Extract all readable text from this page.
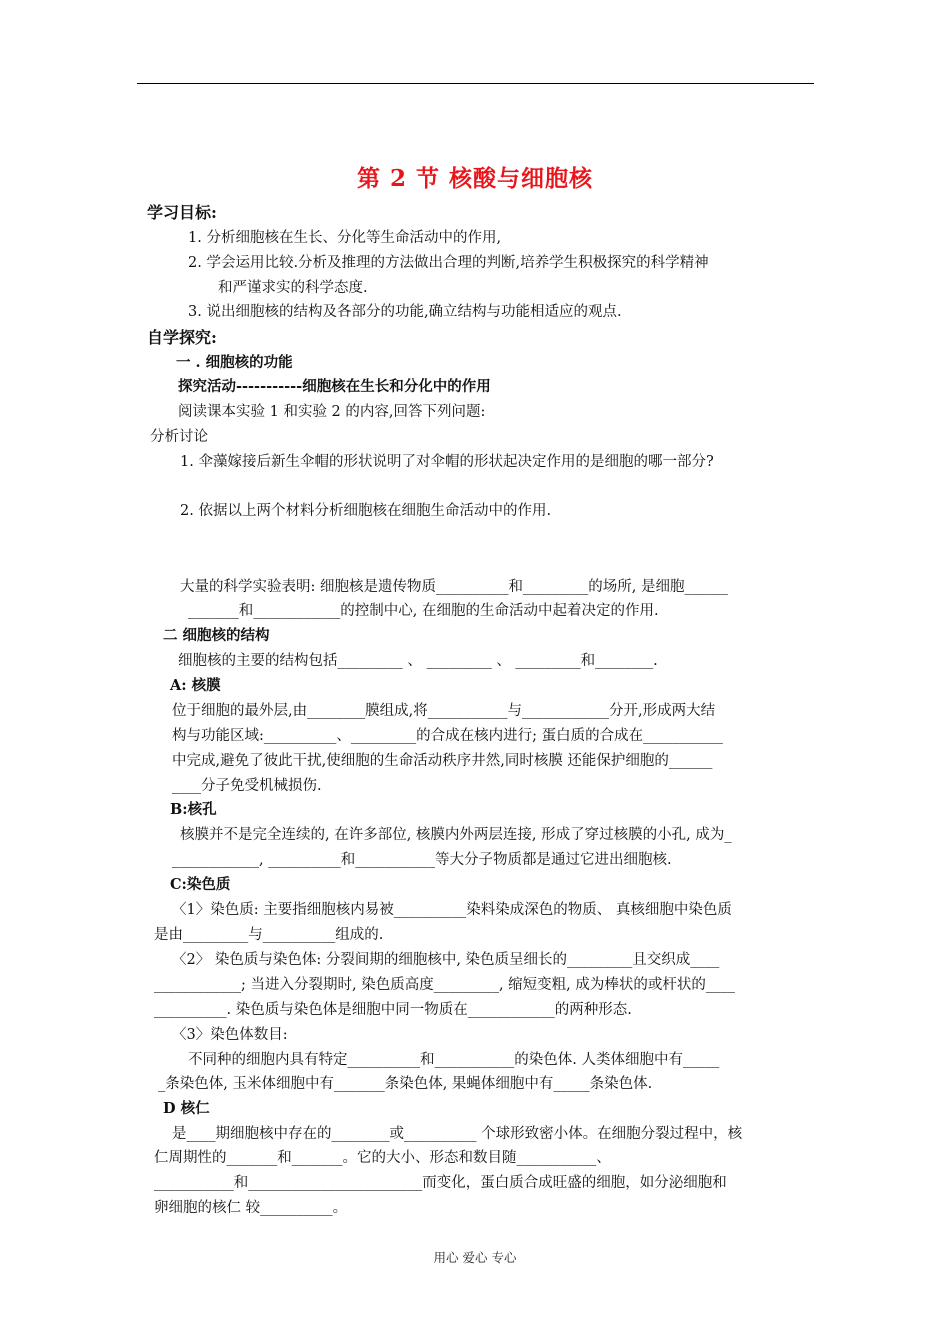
第 2 节 核酸与细胞核
学习目标:
1. 分析细胞核在生长、分化等生命活动中的作用,
2. 学会运用比较.分析及推理的方法做出合理的判断,培养学生积极探究的科学精神
和严谨求实的科学态度.
3. 说出细胞核的结构及各部分的功能,确立结构与功能相适应的观点.
自学探究:
一 . 细胞核的功能
探究活动-----------细胞核在生长和分化中的作用
阅读课本实验 1 和实验 2 的内容,回答下列问题:
分析讨论
1. 伞藻嫁接后新生伞帽的形状说明了对伞帽的形状起决定作用的是细胞的哪一部分?
2. 依据以上两个材料分析细胞核在细胞生命活动中的作用.
大量的科学实验表明: 细胞核是遗传物质__________和_________的场所, 是细胞______
_______和____________的控制中心, 在细胞的生命活动中起着决定的作用.
二 细胞核的结构
细胞核的主要的结构包括_________ 、 _________ 、 _________和________.
A: 核膜
位于细胞的最外层,由________膜组成,将___________与____________分开,形成两大结
构与功能区域:__________、_________的合成在核内进行; 蛋白质的合成在___________
中完成,避免了彼此干扰,使细胞的生命活动秩序井然,同时核膜 还能保护细胞的______
____分子免受机械损伤.
B:核孔
核膜并不是完全连续的, 在许多部位, 核膜内外两层连接, 形成了穿过核膜的小孔, 成为_
____________, __________和___________等大分子物质都是通过它进出细胞核.
C:染色质
〈1〉染色质: 主要指细胞核内易被__________染料染成深色的物质、 真核细胞中染色质
是由_________与__________组成的.
〈2〉 染色质与染色体: 分裂间期的细胞核中, 染色质呈细长的_________且交织成____
____________; 当进入分裂期时, 染色质高度_________, 缩短变粗, 成为棒状的或杆状的____
__________. 染色质与染色体是细胞中同一物质在____________的两种形态.
〈3〉染色体数目:
不同种的细胞内具有特定__________和___________的染色体. 人类体细胞中有_____
_条染色体, 玉米体细胞中有_______条染色体, 果蝇体细胞中有_____条染色体.
D 核仁
是____期细胞核中存在的________或__________ 个球形致密小体。在细胞分裂过程中，核
仁周期性的_______和_______。它的大小、形态和数目随___________、
___________和________________________而变化，蛋白质合成旺盛的细胞，如分泌细胞和
卵细胞的核仁 较__________。
用心 爱心 专心
